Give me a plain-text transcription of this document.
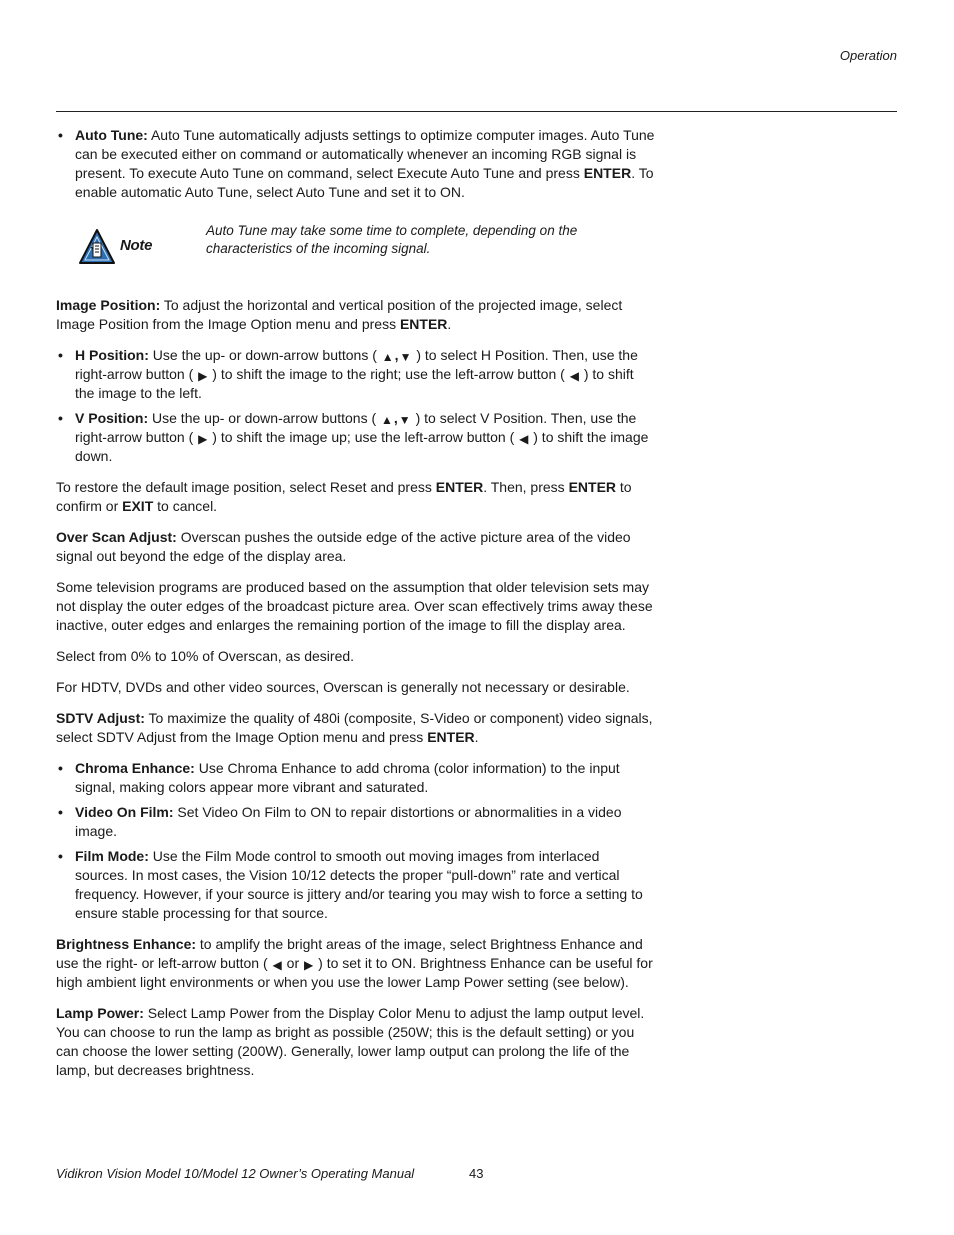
Operation
• Auto Tune: Auto Tune automatically adjusts settings to optimize computer images. Auto Tune can be executed either on command or automatically whenever an incoming RGB signal is present. To execute Auto Tune on command, select Execute Auto Tune and press ENTER. To enable automatic Auto Tune, select Auto Tune and set it to ON.
Note
Auto Tune may take some time to complete, depending on the characteristics of the incoming signal.

Image Position: To adjust the horizontal and vertical position of the projected image, select Image Position from the Image Option menu and press ENTER.

• H Position: Use the up- or down-arrow buttons ( ▲,▼ ) to select H Position. Then, use the right-arrow button ( ▶ ) to shift the image to the right; use the left-arrow button ( ◀ ) to shift the image to the left.
• V Position: Use the up- or down-arrow buttons ( ▲,▼ ) to select V Position. Then, use the right-arrow button ( ▶ ) to shift the image up; use the left-arrow button ( ◀ ) to shift the image down.

To restore the default image position, select Reset and press ENTER. Then, press ENTER to confirm or EXIT to cancel.

Over Scan Adjust: Overscan pushes the outside edge of the active picture area of the video signal out beyond the edge of the display area.

Some television programs are produced based on the assumption that older television sets may not display the outer edges of the broadcast picture area. Over scan effectively trims away these inactive, outer edges and enlarges the remaining portion of the image to fill the display area.

Select from 0% to 10% of Overscan, as desired.

For HDTV, DVDs and other video sources, Overscan is generally not necessary or desirable.

SDTV Adjust: To maximize the quality of 480i (composite, S-Video or component) video signals, select SDTV Adjust from the Image Option menu and press ENTER.

• Chroma Enhance: Use Chroma Enhance to add chroma (color information) to the input signal, making colors appear more vibrant and saturated.
• Video On Film: Set Video On Film to ON to repair distortions or abnormalities in a video image.
• Film Mode: Use the Film Mode control to smooth out moving images from interlaced sources. In most cases, the Vision 10/12 detects the proper “pull-down” rate and vertical frequency. However, if your source is jittery and/or tearing you may wish to force a setting to ensure stable processing for that source.

Brightness Enhance: to amplify the bright areas of the image, select Brightness Enhance and use the right- or left-arrow button ( ◀ or ▶ ) to set it to ON. Brightness Enhance can be useful for high ambient light environments or when you use the lower Lamp Power setting (see below).

Lamp Power: Select Lamp Power from the Display Color Menu to adjust the lamp output level. You can choose to run the lamp as bright as possible (250W; this is the default setting) or you can choose the lower setting (200W). Generally, lower lamp output can prolong the life of the lamp, but decreases brightness.

Vidikron Vision Model 10/Model 12 Owner’s Operating Manual	43
